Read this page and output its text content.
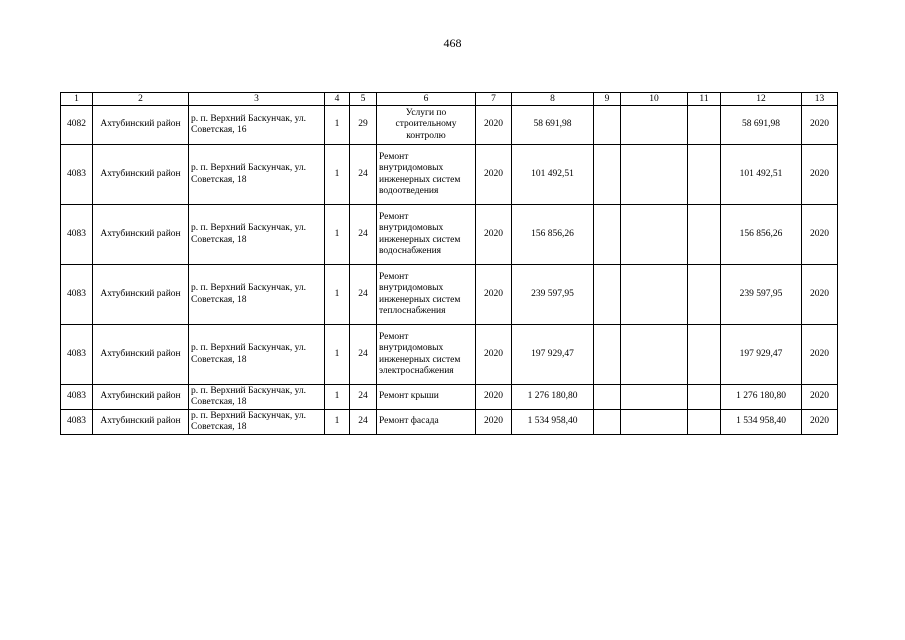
468
1	2	3	4	5	6	7	8	9	10	11	12	13
4082	Ахтубинский район	р. п. Верхний Баскунчак, ул. Советская, 16	1	29	Услуги по строительному контролю	2020	58 691,98				58 691,98	2020
4083	Ахтубинский район	р. п. Верхний Баскунчак, ул. Советская, 18	1	24	Ремонт внутридомовых инженерных систем водоотведения	2020	101 492,51				101 492,51	2020
4083	Ахтубинский район	р. п. Верхний Баскунчак, ул. Советская, 18	1	24	Ремонт внутридомовых инженерных систем водоснабжения	2020	156 856,26				156 856,26	2020
4083	Ахтубинский район	р. п. Верхний Баскунчак, ул. Советская, 18	1	24	Ремонт внутридомовых инженерных систем теплоснабжения	2020	239 597,95				239 597,95	2020
4083	Ахтубинский район	р. п. Верхний Баскунчак, ул. Советская, 18	1	24	Ремонт внутридомовых инженерных систем электроснабжения	2020	197 929,47				197 929,47	2020
4083	Ахтубинский район	р. п. Верхний Баскунчак, ул. Советская, 18	1	24	Ремонт крыши	2020	1 276 180,80				1 276 180,80	2020
4083	Ахтубинский район	р. п. Верхний Баскунчак, ул. Советская, 18	1	24	Ремонт фасада	2020	1 534 958,40				1 534 958,40	2020
